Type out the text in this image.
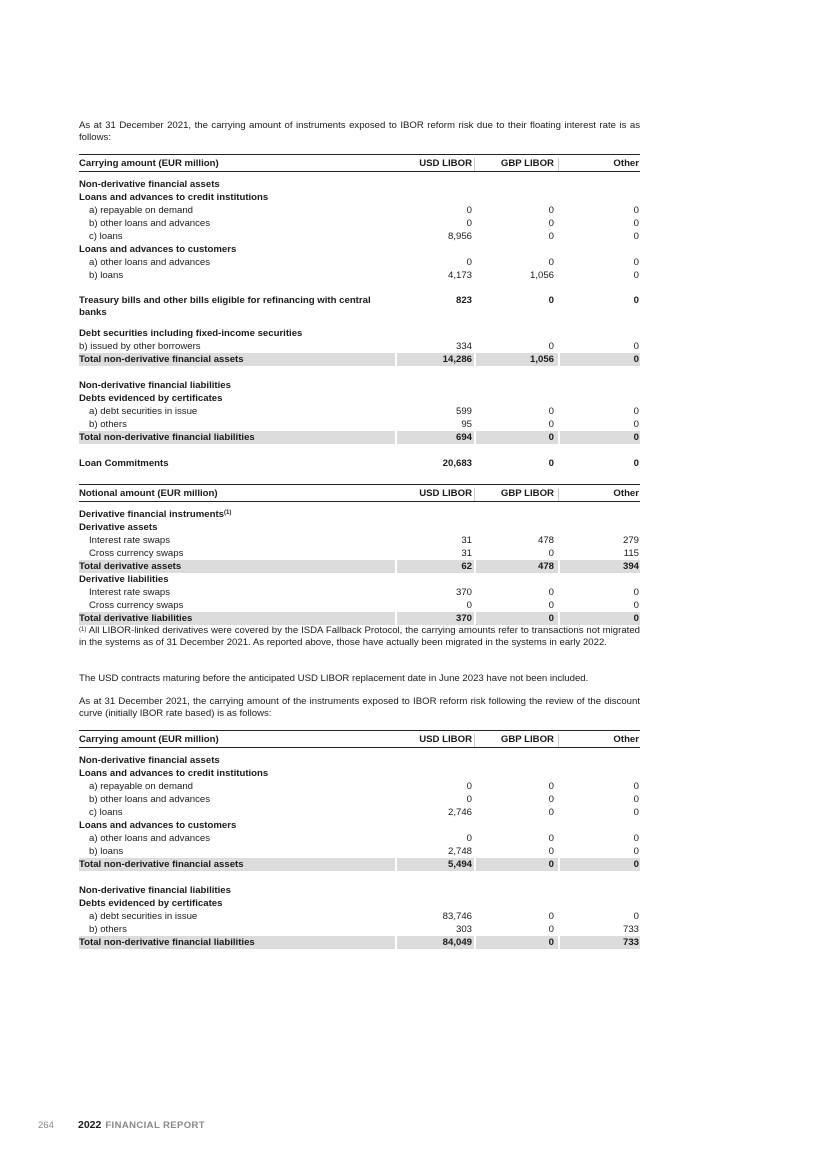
As at 31 December 2021, the carrying amount of instruments exposed to IBOR reform risk due to their floating interest rate is as follows:

Carrying amount (EUR million)	USD LIBOR	GBP LIBOR	Other
Non-derivative financial assets
Loans and advances to credit institutions
a) repayable on demand	0	0	0
b) other loans and advances	0	0	0
c) loans	8,956	0	0
Loans and advances to customers
a) other loans and advances	0	0	0
b) loans	4,173	1,056	0
Treasury bills and other bills eligible for refinancing with central banks
823	0	0
Debt securities including fixed-income securities
b) issued by other borrowers	334	0	0
Total non-derivative financial assets	14,286	1,056	0
Non-derivative financial liabilities
Debts evidenced by certificates
a) debt securities in issue	599	0	0
b) others	95	0	0
Total non-derivative financial liabilities	694	0	0
Loan Commitments	20,683	0	0
Notional amount (EUR million)	USD LIBOR	GBP LIBOR	Other
Derivative financial instruments$^{(1)}$
Derivative assets
Interest rate swaps	31	478	279
Cross currency swaps	31	0	115
Total derivative assets	62	478	394
Derivative liabilities
Interest rate swaps	370	0	0
Cross currency swaps	0	0	0
Total derivative liabilities	370	0	0

$^{(1)}$ All LIBOR-linked derivatives were covered by the ISDA Fallback Protocol, the carrying amounts refer to transactions not migrated in the systems as of 31 December 2021. As reported above, those have actually been migrated in the systems in early 2022.

The USD contracts maturing before the anticipated USD LIBOR replacement date in June 2023 have not been included.

As at 31 December 2021, the carrying amount of the instruments exposed to IBOR reform risk following the review of the discount curve (initially IBOR rate based) is as follows:

Carrying amount (EUR million)	USD LIBOR	GBP LIBOR	Other
Non-derivative financial assets
Loans and advances to credit institutions
a) repayable on demand	0	0	0
b) other loans and advances	0	0	0
c) loans	2,746	0	0
Loans and advances to customers
a) other loans and advances	0	0	0
b) loans	2,748	0	0
Total non-derivative financial assets	5,494	0	0
Non-derivative financial liabilities
Debts evidenced by certificates
a) debt securities in issue	83,746	0	0
b) others	303	0	733
Total non-derivative financial liabilities	84,049	0	733
264	2022 FINANCIAL REPORT
